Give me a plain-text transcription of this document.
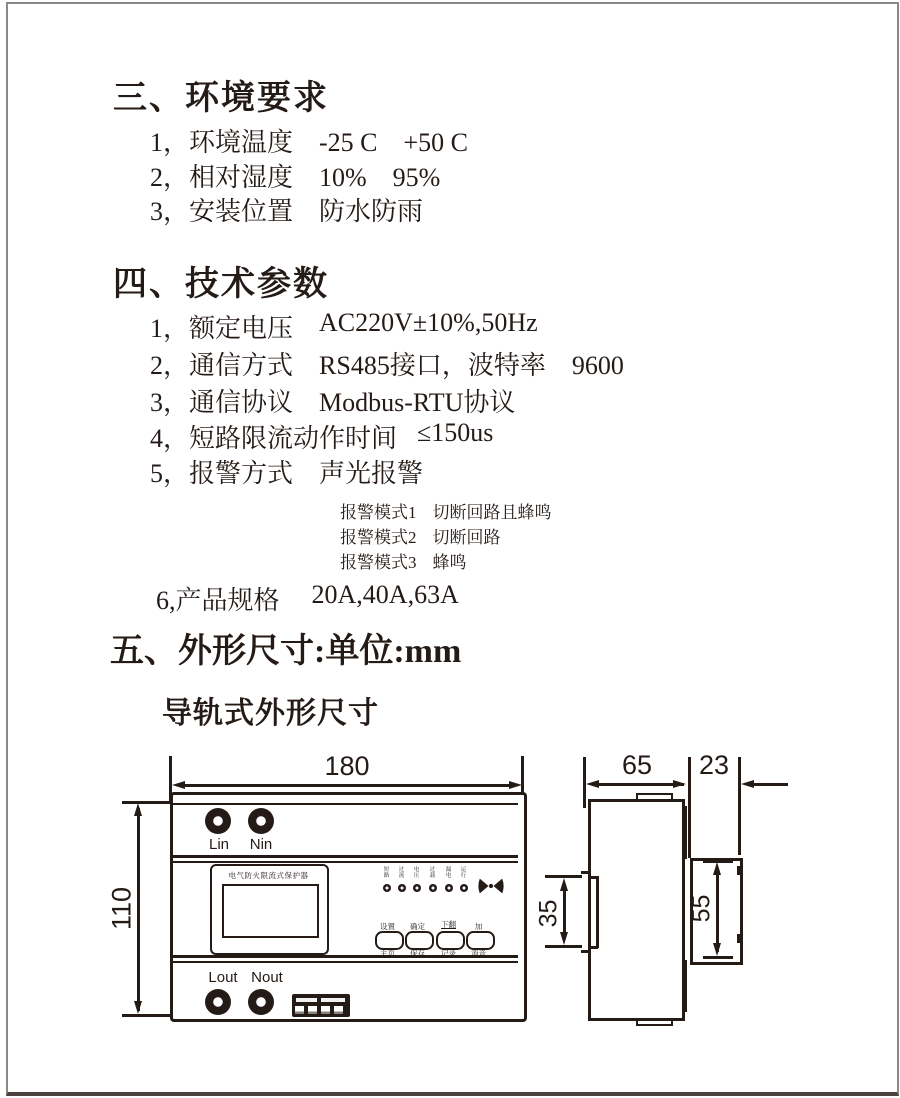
三、环境要求
1，环境温度 -25 C　+50 C
2，相对湿度 10%　95%
3，安装位置 防水防雨
四、技术参数
1，额定电压 AC220V±10%,50Hz
2，通信方式 RS485接口，波特率　9600
3，通信协议 Modbus-RTU协议
4，短路限流动作时间 ≤150us
5，报警方式 声光报警
报警模式1 切断回路且蜂鸣
报警模式2 切断回路
报警模式3 蜂鸣
6,产品规格 20A,40A,63A
五、外形尺寸:单位:mm
导轨式外形尺寸
180
110
Lin	Nin
电气防火限流式保护器
短路
过流
电压
过载
漏电
运行
设置	确定	下翻	加
主页	保存	记录	消音
Lout Nout
65	23
35	55
